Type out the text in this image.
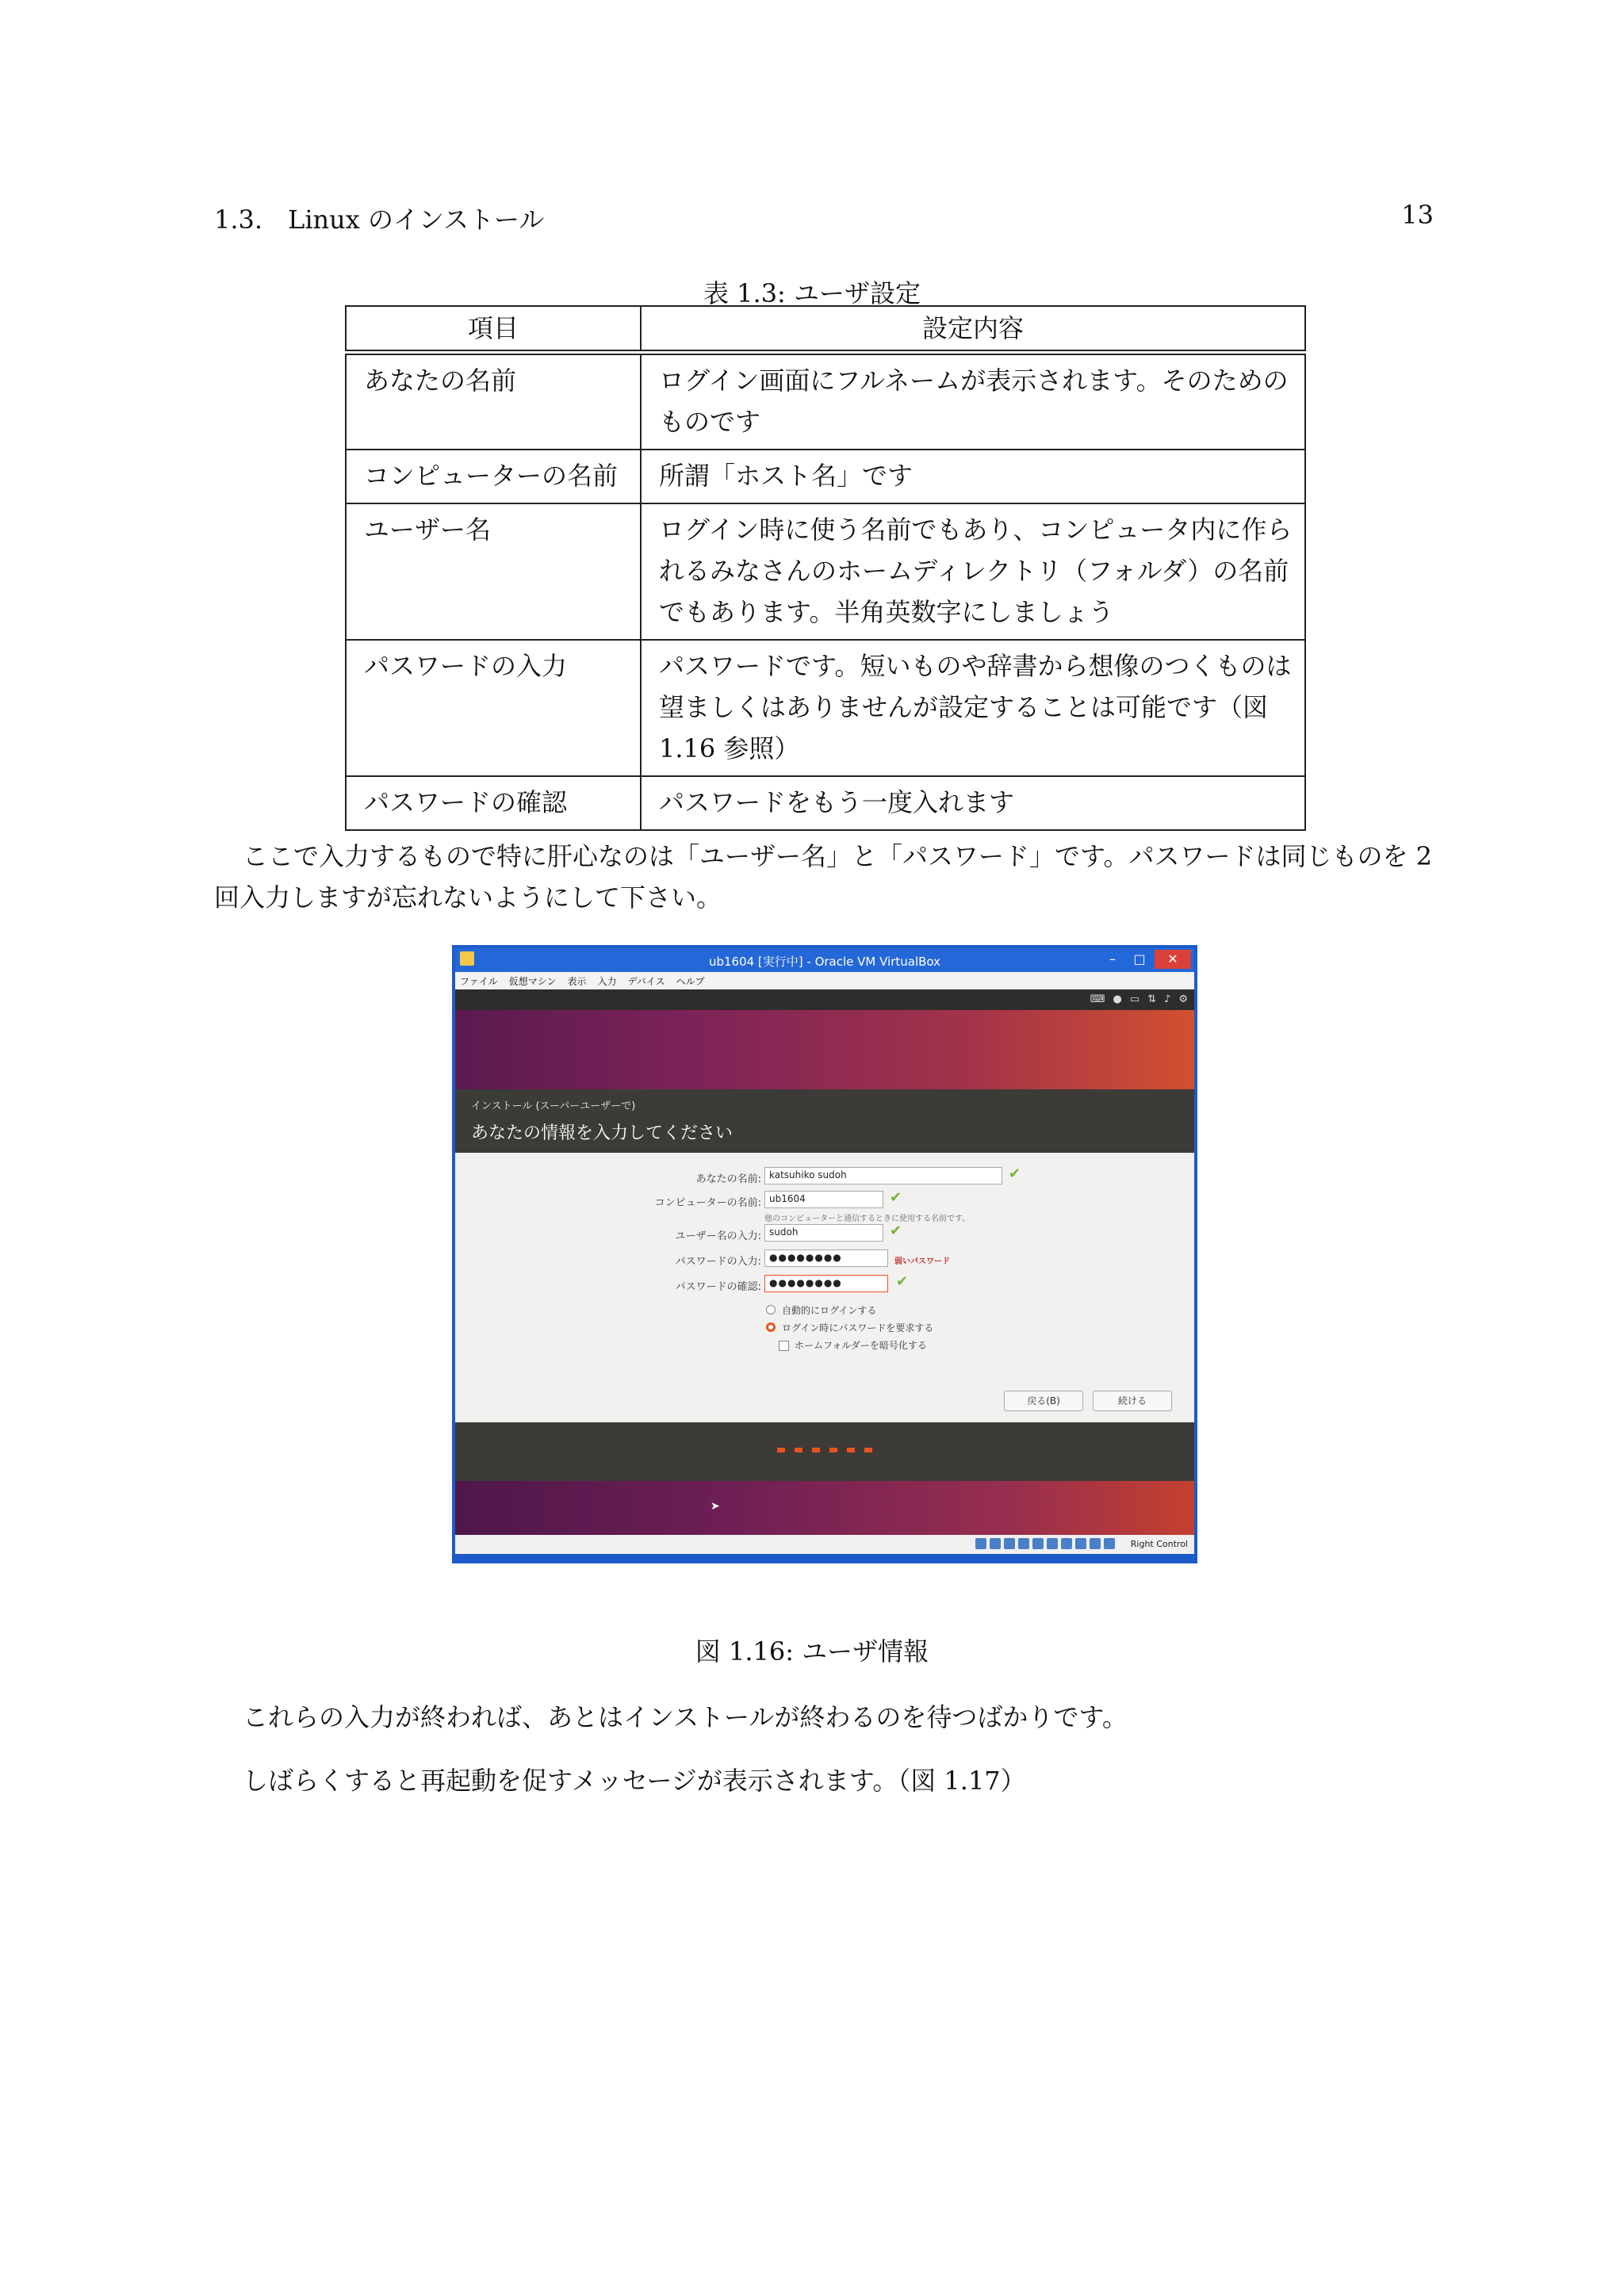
1.3.　Linux のインストール	13
表 1.3: ユーザ設定
項目	設定内容
あなたの名前	ログイン画面にフルネームが表示されます。そのためのものです
コンピューターの名前	所謂「ホスト名」です
ユーザー名	ログイン時に使う名前でもあり、コンピュータ内に作られるみなさんのホームディレクトリ（フォルダ）の名前でもあります。半角英数字にしましょう
パスワードの入力	パスワードです。短いものや辞書から想像のつくものは望ましくはありませんが設定することは可能です（図 1.16 参照）
パスワードの確認	パスワードをもう一度入れます
ここで入力するもので特に肝心なのは「ユーザー名」と「パスワード」です。パスワードは同じものを 2 回入力しますが忘れないようにして下さい。
ub1604 [実行中] - Oracle VM VirtualBox	–	□	✕
ファイル 仮想マシン 表示 入力 デバイス ヘルプ
⌨ ● ▭ ⇅ ♪ ⚙
インストール (スーパーユーザーで)
あなたの情報を入力してください
あなたの名前: katsuhiko sudoh	✔
コンピューターの名前: ub1604	✔
他のコンピューターと通信するときに使用する名前です。
ユーザー名の入力: sudoh	✔
パスワードの入力: ●●●●●●●●	弱いパスワード
パスワードの確認: ●●●●●●●●	✔
自動的にログインする
ログイン時にパスワードを要求する
ホームフォルダーを暗号化する
戻る(B)	続ける
➤
Right Control
図 1.16: ユーザ情報
これらの入力が終われば、あとはインストールが終わるのを待つばかりです。
しばらくすると再起動を促すメッセージが表示されます。（図 1.17）
